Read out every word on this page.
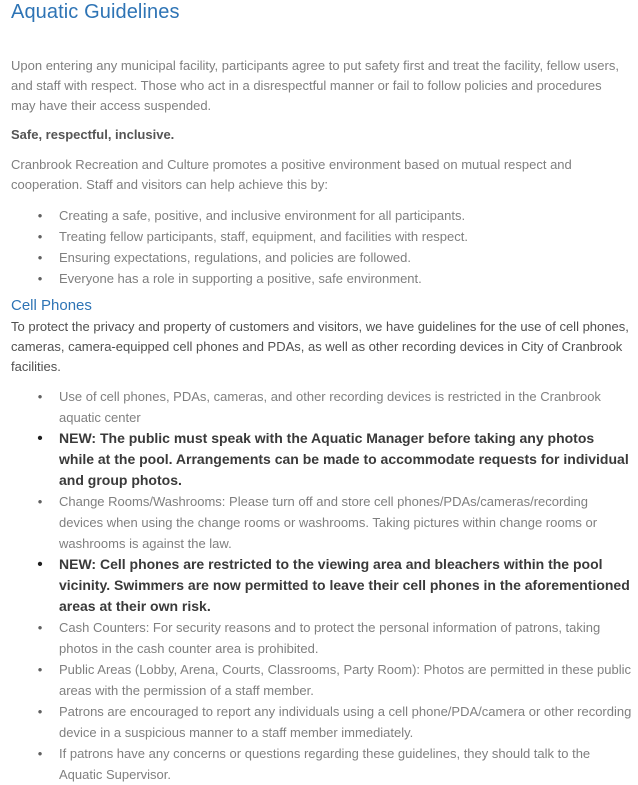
Aquatic Guidelines
Upon entering any municipal facility, participants agree to put safety first and treat the facility, fellow users, and staff with respect. Those who act in a disrespectful manner or fail to follow policies and procedures may have their access suspended.
Safe, respectful, inclusive.
Cranbrook Recreation and Culture promotes a positive environment based on mutual respect and cooperation. Staff and visitors can help achieve this by:
• Creating a safe, positive, and inclusive environment for all participants.
• Treating fellow participants, staff, equipment, and facilities with respect.
• Ensuring expectations, regulations, and policies are followed.
• Everyone has a role in supporting a positive, safe environment.
Cell Phones
To protect the privacy and property of customers and visitors, we have guidelines for the use of cell phones, cameras, camera-equipped cell phones and PDAs, as well as other recording devices in City of Cranbrook facilities.
• Use of cell phones, PDAs, cameras, and other recording devices is restricted in the Cranbrook aquatic center
• NEW: The public must speak with the Aquatic Manager before taking any photos while at the pool. Arrangements can be made to accommodate requests for individual and group photos.
• Change Rooms/Washrooms: Please turn off and store cell phones/PDAs/cameras/recording devices when using the change rooms or washrooms. Taking pictures within change rooms or washrooms is against the law.
• NEW: Cell phones are restricted to the viewing area and bleachers within the pool vicinity. Swimmers are now permitted to leave their cell phones in the aforementioned areas at their own risk.
• Cash Counters: For security reasons and to protect the personal information of patrons, taking photos in the cash counter area is prohibited.
• Public Areas (Lobby, Arena, Courts, Classrooms, Party Room): Photos are permitted in these public areas with the permission of a staff member.
• Patrons are encouraged to report any individuals using a cell phone/PDA/camera or other recording device in a suspicious manner to a staff member immediately.
• If patrons have any concerns or questions regarding these guidelines, they should talk to the Aquatic Supervisor.
